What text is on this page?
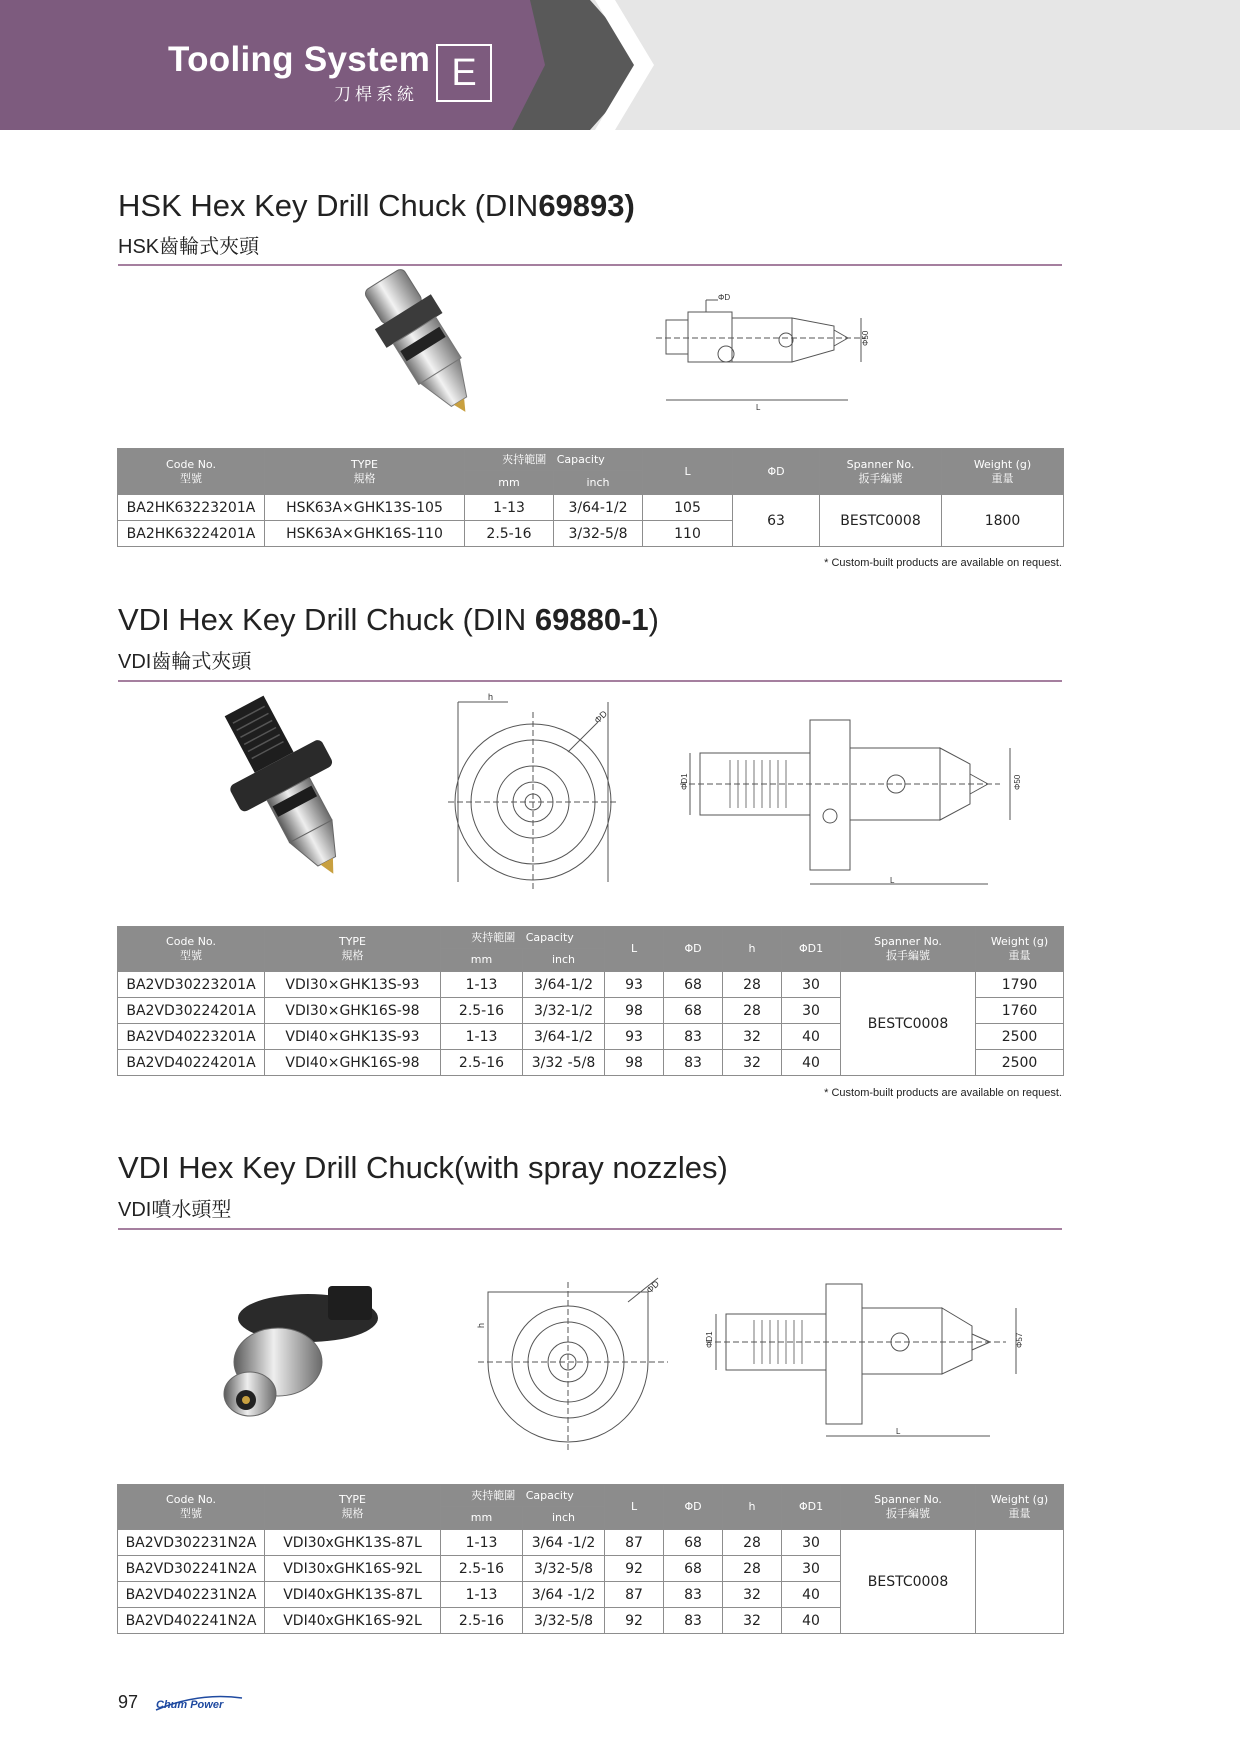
Tooling System
刀桿系統
E
HSK Hex Key Drill Chuck (DIN69893)
HSK齒輪式夾頭
ΦD
Φ50
L
Code No.
型號	TYPE
規格	夾持範圍 Capacity		L	ΦD	Spanner No.
扳手編號	Weight (g)
重量
		mm	inch				
BA2HK63223201A	HSK63A×GHK13S-105	1-13	3/64-1/2	105	63	BESTC0008	1800
BA2HK63224201A	HSK63A×GHK16S-110	2.5-16	3/32-5/8	110			
* Custom-built products are available on request.
VDI Hex Key Drill Chuck (DIN 69880-1)
VDI齒輪式夾頭
h
ΦD
ΦD1	Φ50
L
Code No.
型號	TYPE
規格	夾持範圍 Capacity		L	ΦD	h	ΦD1	Spanner No.
扳手編號	Weight (g)
重量
		mm	inch						
BA2VD30223201A	VDI30×GHK13S-93	1-13	3/64-1/2	93	68	28	30	BESTC0008	1790
BA2VD30224201A	VDI30×GHK16S-98	2.5-16	3/32-1/2	98	68	28	30		1760
BA2VD40223201A	VDI40×GHK13S-93	1-13	3/64-1/2	93	83	32	40		2500
BA2VD40224201A	VDI40×GHK16S-98	2.5-16	3/32 -5/8	98	83	32	40		2500
* Custom-built products are available on request.
VDI Hex Key Drill Chuck(with spray nozzles)
VDI噴水頭型
h
ΦD
ΦD1	Φ57
L
Code No.
型號	TYPE
規格	夾持範圍 Capacity		L	ΦD	h	ΦD1	Spanner No.
扳手編號	Weight (g)
重量
		mm	inch						
BA2VD302231N2A	VDI30xGHK13S-87L	1-13	3/64 -1/2	87	68	28	30	BESTC0008	
BA2VD302241N2A	VDI30xGHK16S-92L	2.5-16	3/32-5/8	92	68	28	30		
BA2VD402231N2A	VDI40xGHK13S-87L	1-13	3/64 -1/2	87	83	32	40		
BA2VD402241N2A	VDI40xGHK16S-92L	2.5-16	3/32-5/8	92	83	32	40		
97 Chum Power
